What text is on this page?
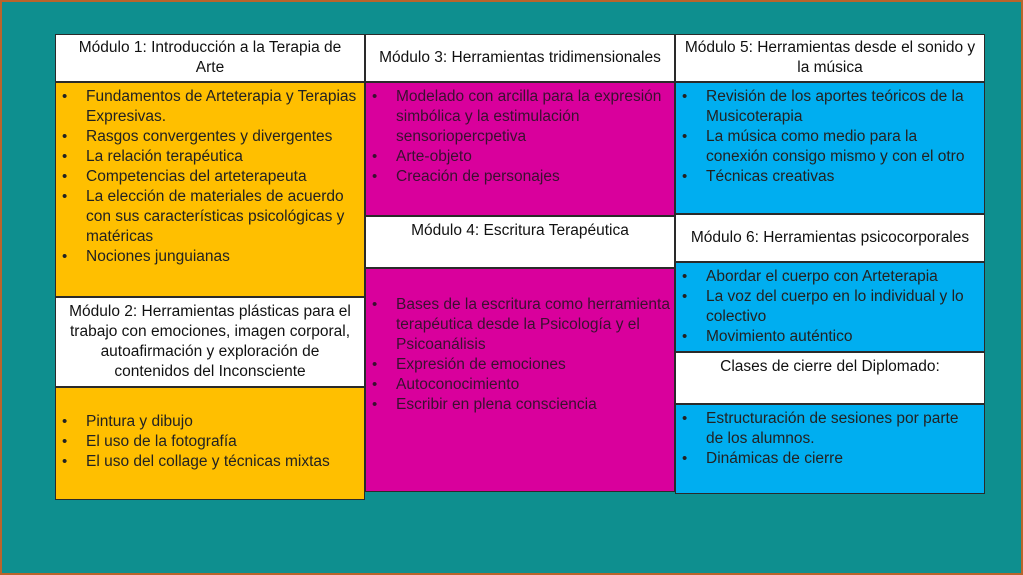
Módulo 1: Introducción a la Terapia de Arte
• Fundamentos de Arteterapia y Terapias Expresivas.
• Rasgos convergentes y divergentes
• La relación terapéutica
• Competencias del arteterapeuta
• La elección de materiales de acuerdo con sus características psicológicas y matéricas
• Nociones junguianas
Módulo 2: Herramientas plásticas para el trabajo con emociones, imagen corporal, autoafirmación y exploración de contenidos del Inconsciente
• Pintura y dibujo
• El uso de la fotografía
• El uso del collage y técnicas mixtas
Módulo 3: Herramientas tridimensionales
• Modelado con arcilla para la expresión simbólica y la estimulación sensoriopercpetiva
• Arte-objeto
• Creación de personajes
Módulo 4: Escritura Terapéutica
• Bases de la escritura como herramienta terapéutica desde la Psicología y el Psicoanálisis
• Expresión de emociones
• Autoconocimiento
• Escribir en plena consciencia
Módulo 5: Herramientas desde el sonido y la música
• Revisión de los aportes teóricos de la Musicoterapia
• La música como medio para la conexión consigo mismo y con el otro
• Técnicas creativas
Módulo 6: Herramientas psicocorporales
• Abordar el cuerpo con Arteterapia
• La voz del cuerpo en lo individual y lo colectivo
• Movimiento auténtico
Clases de cierre del Diplomado:
• Estructuración de sesiones por parte de los alumnos.
• Dinámicas de cierre
